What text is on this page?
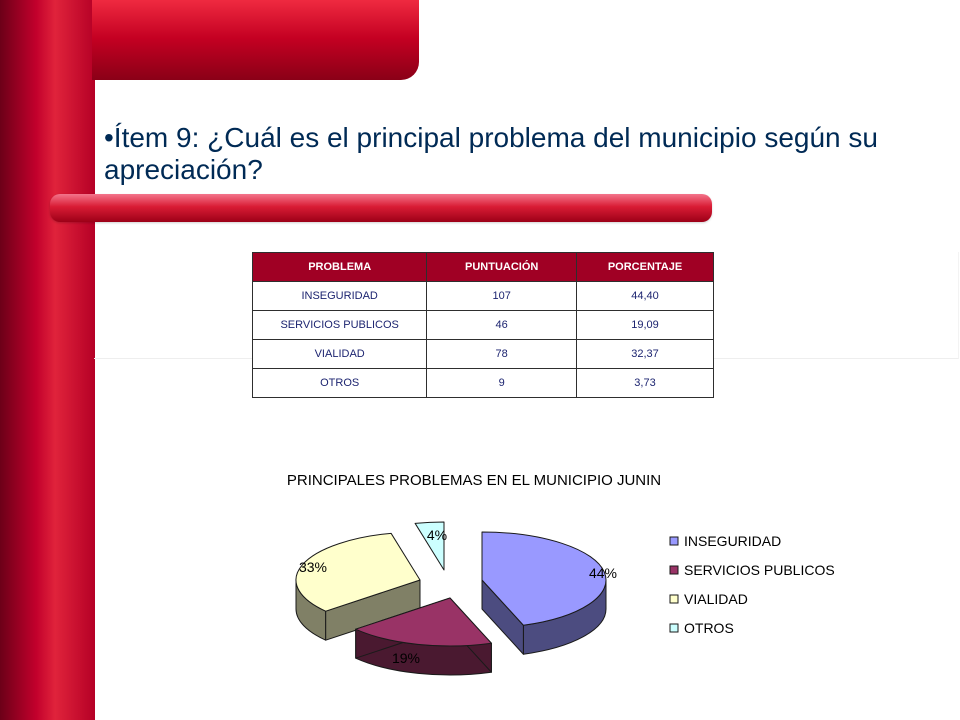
•Ítem 9: ¿Cuál es el principal problema del municipio según su apreciación?
PROBLEMA	PUNTUACIÓN	PORCENTAJE
INSEGURIDAD	107	44,40
SERVICIOS PUBLICOS	46	19,09
VIALIDAD	78	32,37
OTROS	9	3,73
PRINCIPALES PROBLEMAS EN EL MUNICIPIO JUNIN
44%
19%
33%
4%	INSEGURIDAD
SERVICIOS PUBLICOS
VIALIDAD
OTROS
